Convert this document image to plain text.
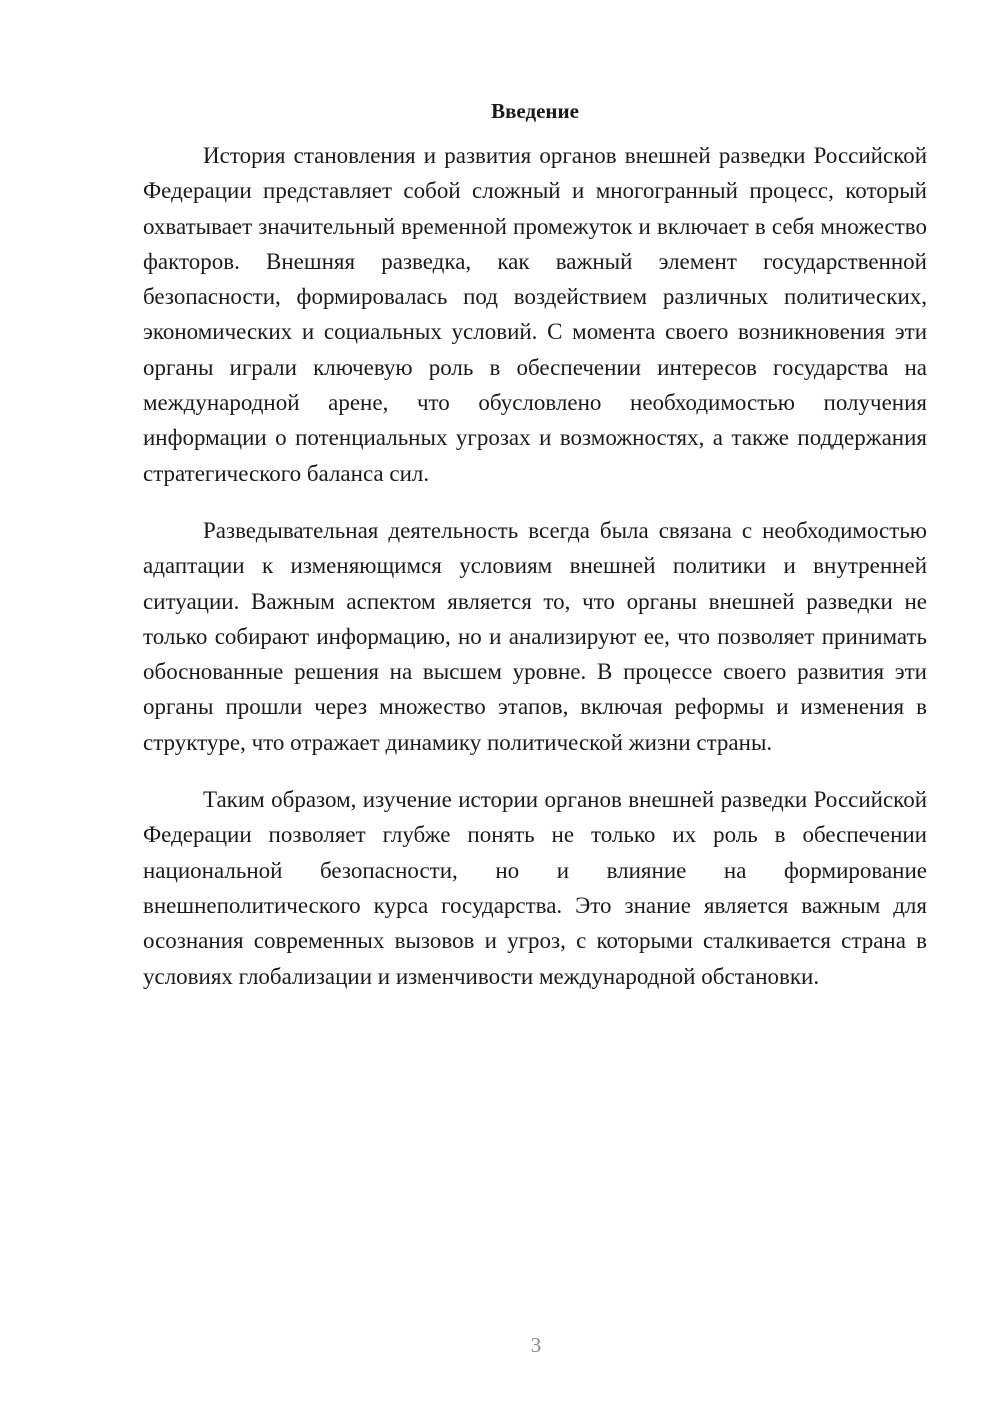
Введение

История становления и развития органов внешней разведки Российской Федерации представляет собой сложный и многогранный процесс, который охватывает значительный временной промежуток и включает в себя множество факторов. Внешняя разведка, как важный элемент государственной безопасности, формировалась под воздействием различных политических, экономических и социальных условий. С момента своего возникновения эти органы играли ключевую роль в обеспечении интересов государства на международной арене, что обусловлено необходимостью получения информации о потенциальных угрозах и возможностях, а также поддержания стратегического баланса сил.

Разведывательная деятельность всегда была связана с необходимостью адаптации к изменяющимся условиям внешней политики и внутренней ситуации. Важным аспектом является то, что органы внешней разведки не только собирают информацию, но и анализируют ее, что позволяет принимать обоснованные решения на высшем уровне. В процессе своего развития эти органы прошли через множество этапов, включая реформы и изменения в структуре, что отражает динамику политической жизни страны.

Таким образом, изучение истории органов внешней разведки Российской Федерации позволяет глубже понять не только их роль в обеспечении национальной безопасности, но и влияние на формирование внешнеполитического курса государства. Это знание является важным для осознания современных вызовов и угроз, с которыми сталкивается страна в условиях глобализации и изменчивости международной обстановки.

3
